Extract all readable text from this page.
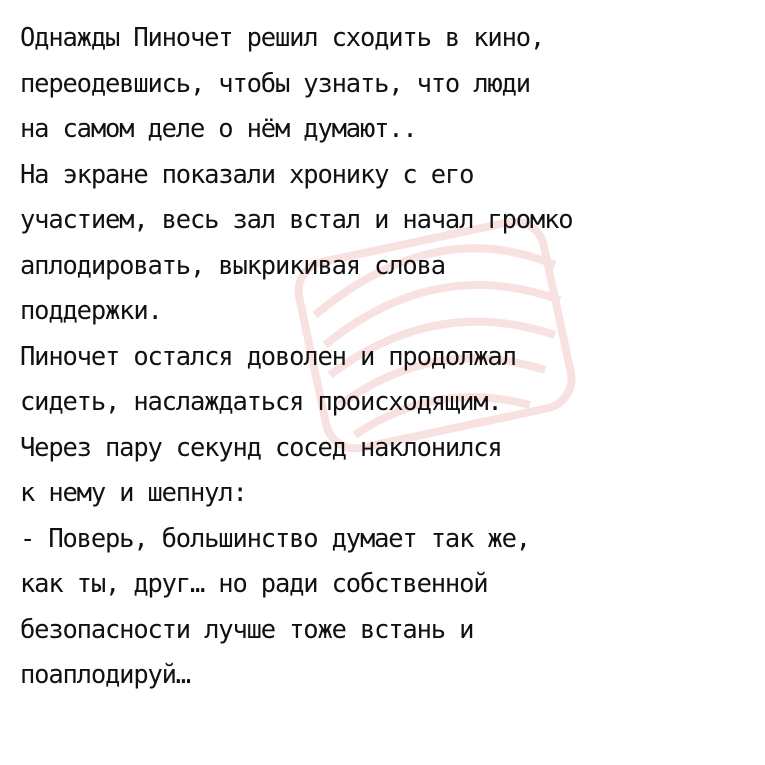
Однажды Пиночет решил сходить в кино,
переодевшись, чтобы узнать, что люди
на самом деле о нём думают..
На экране показали хронику с его
участием, весь зал встал и начал громко
аплодировать, выкрикивая слова
поддержки.
Пиночет остался доволен и продолжал
сидеть, наслаждаться происходящим.
Через пару секунд сосед наклонился
к нему и шепнул:
- Поверь, большинство думает так же,
как ты, друг… но ради собственной
безопасности лучше тоже встань и
поаплодируй…
